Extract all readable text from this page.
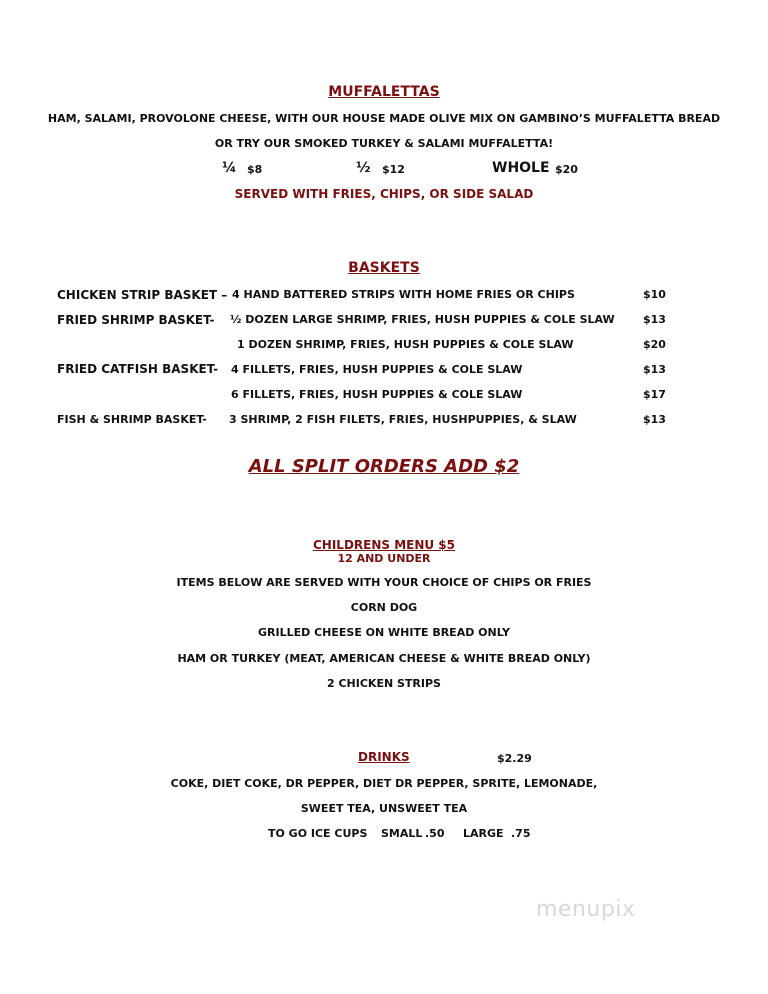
MUFFALETTAS
HAM, SALAMI, PROVOLONE CHEESE, WITH OUR HOUSE MADE OLIVE MIX ON GAMBINO’S MUFFALETTA BREAD
OR TRY OUR SMOKED TURKEY & SALAMI MUFFALETTA!
¼ $8	½ $12	WHOLE $20
SERVED WITH FRIES, CHIPS, OR SIDE SALAD
BASKETS
CHICKEN STRIP BASKET – 4 HAND BATTERED STRIPS WITH HOME FRIES OR CHIPS	$10
FRIED SHRIMP BASKET- ½ DOZEN LARGE SHRIMP, FRIES, HUSH PUPPIES & COLE SLAW	$13
1 DOZEN SHRIMP, FRIES, HUSH PUPPIES & COLE SLAW	$20
FRIED CATFISH BASKET- 4 FILLETS, FRIES, HUSH PUPPIES & COLE SLAW	$13
6 FILLETS, FRIES, HUSH PUPPIES & COLE SLAW	$17
FISH & SHRIMP BASKET- 3 SHRIMP, 2 FISH FILETS, FRIES, HUSHPUPPIES, & SLAW	$13
ALL SPLIT ORDERS ADD $2
CHILDRENS MENU $5
12 AND UNDER
ITEMS BELOW ARE SERVED WITH YOUR CHOICE OF CHIPS OR FRIES
CORN DOG
GRILLED CHEESE ON WHITE BREAD ONLY
HAM OR TURKEY (MEAT, AMERICAN CHEESE & WHITE BREAD ONLY)
2 CHICKEN STRIPS
DRINKS	$2.29
COKE, DIET COKE, DR PEPPER, DIET DR PEPPER, SPRITE, LEMONADE,
SWEET TEA, UNSWEET TEA
TO GO ICE CUPS SMALL .50 LARGE .75
menupix
